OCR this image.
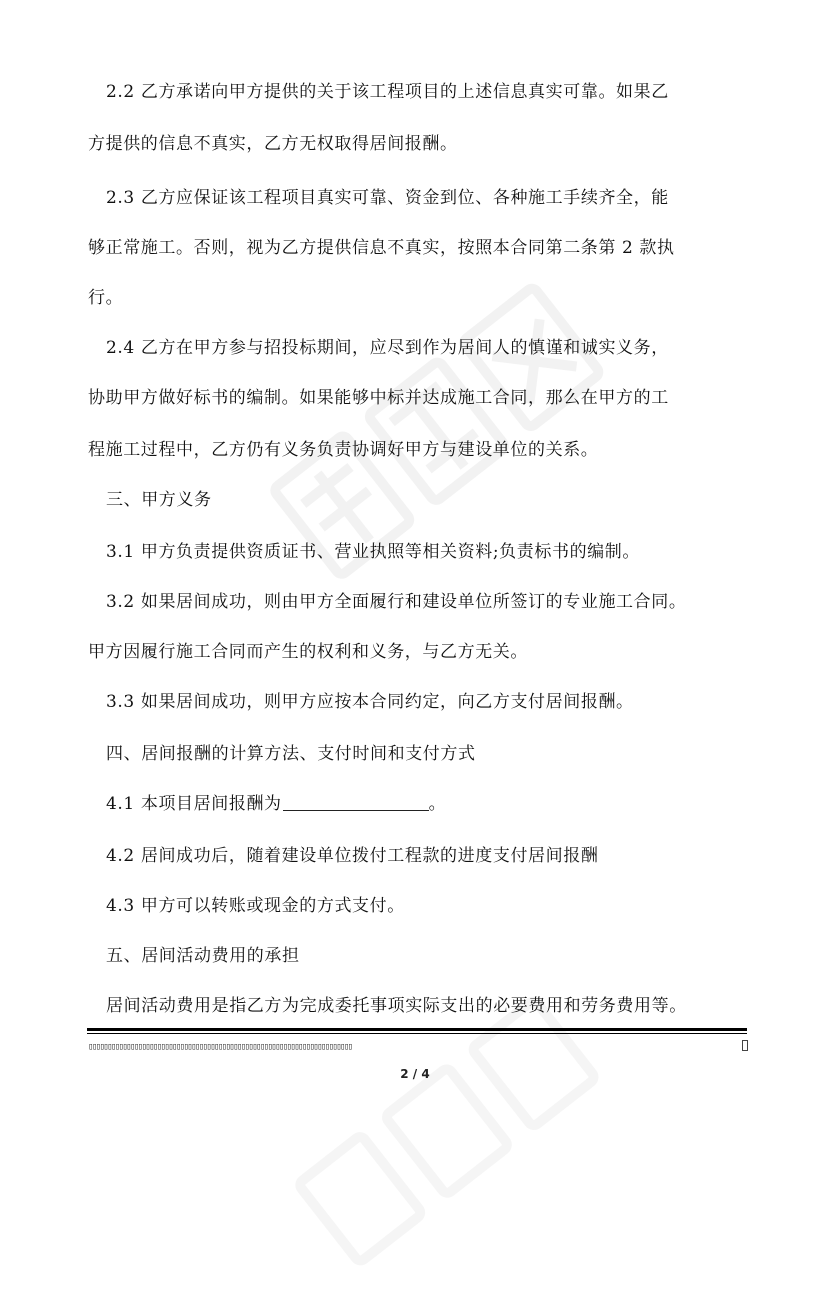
2.2 乙方承诺向甲方提供的关于该工程项目的上述信息真实可靠。如果乙
方提供的信息不真实，乙方无权取得居间报酬。
2.3 乙方应保证该工程项目真实可靠、资金到位、各种施工手续齐全，能
够正常施工。否则，视为乙方提供信息不真实，按照本合同第二条第 2 款执
行。
2.4 乙方在甲方参与招投标期间，应尽到作为居间人的慎谨和诚实义务，
协助甲方做好标书的编制。如果能够中标并达成施工合同，那么在甲方的工
程施工过程中，乙方仍有义务负责协调好甲方与建设单位的关系。
三、甲方义务
3.1 甲方负责提供资质证书、营业执照等相关资料;负责标书的编制。
3.2 如果居间成功，则由甲方全面履行和建设单位所签订的专业施工合同。
甲方因履行施工合同而产生的权利和义务，与乙方无关。
3.3 如果居间成功，则甲方应按本合同约定，向乙方支付居间报酬。
四、居间报酬的计算方法、支付时间和支付方式
4.1 本项目居间报酬为	。
4.2 居间成功后，随着建设单位拨付工程款的进度支付居间报酬
4.3 甲方可以转账或现金的方式支付。
五、居间活动费用的承担
居间活动费用是指乙方为完成委托事项实际支出的必要费用和劳务费用等。
▯▯▯▯▯▯▯▯▯▯▯▯▯▯▯▯▯▯▯▯▯▯▯▯▯▯▯▯▯▯▯▯▯▯▯▯▯▯▯▯▯▯▯▯▯▯▯▯▯▯▯▯▯▯▯▯▯▯▯▯▯▯▯▯▯▯▯▯▯
2 / 4
